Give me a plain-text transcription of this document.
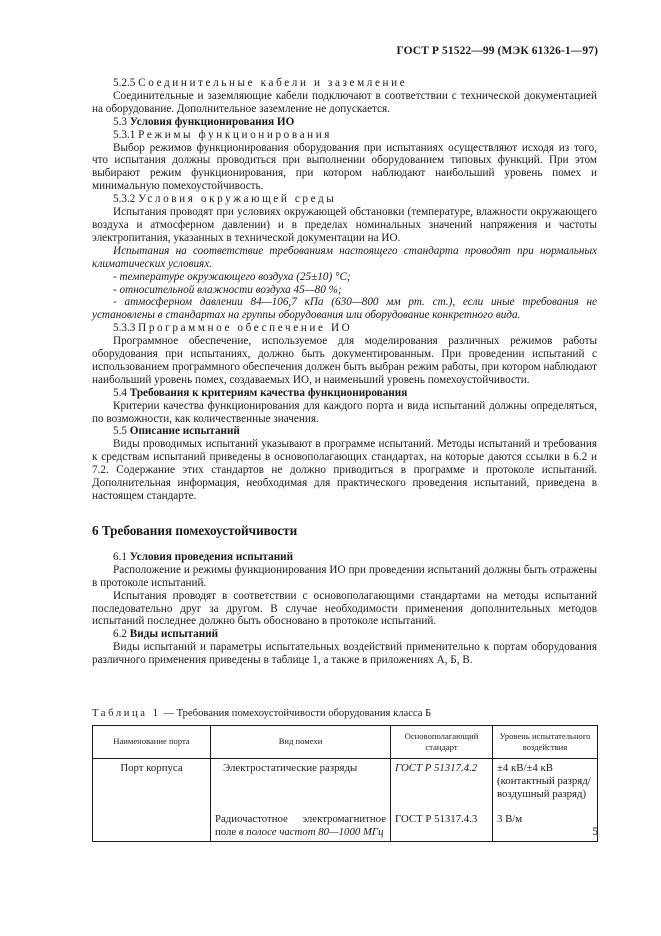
ГОСТ Р 51522—99 (МЭК 61326-1—97)

5.2.5 Соединительные кабели и заземление

Соединительные и заземляющие кабели подключают в соответствии с технической документацией на оборудование. Дополнительное заземление не допускается.

5.3 Условия функционирования ИО

5.3.1 Режимы функционирования

Выбор режимов функционирования оборудования при испытаниях осуществляют исходя из того, что испытания должны проводиться при выполнении оборудованием типовых функций. При этом выбирают режим функционирования, при котором наблюдают наибольший уровень помех и минимальную помехоустойчивость.

5.3.2 Условия окружающей среды

Испытания проводят при условиях окружающей обстановки (температуре, влажности окружающего воздуха и атмосферном давлении) и в пределах номинальных значений напряжения и частоты электропитания, указанных в технической документации на ИО.

Испытания на соответствие требованиям настоящего стандарта проводят при нормальных климатических условиях.

- температуре окружающего воздуха (25±10) °С;

- относительной влажности воздуха 45—80 %;

- атмосферном давлении 84—106,7 кПа (630—800 мм рт. ст.), если иные требования не установлены в стандартах на группы оборудования или оборудование конкретного вида.

5.3.3 Программное обеспечение ИО

Программное обеспечение, используемое для моделирования различных режимов работы оборудования при испытаниях, должно быть документированным. При проведении испытаний с использованием программного обеспечения должен быть выбран режим работы, при котором наблюдают наибольший уровень помех, создаваемых ИО, и наименьший уровень помехоустойчивости.

5.4 Требования к критериям качества функционирования

Критерии качества функционирования для каждого порта и вида испытаний должны определяться, по возможности, как количественные значения.

5.5 Описание испытаний

Виды проводимых испытаний указывают в программе испытаний. Методы испытаний и требования к средствам испытаний приведены в основополагающих стандартах, на которые даются ссылки в 6.2 и 7.2. Содержание этих стандартов не должно приводиться в программе и протоколе испытаний. Дополнительная информация, необходимая для практического проведения испытаний, приведена в настоящем стандарте.

6 Требования помехоустойчивости

6.1 Условия проведения испытаний

Расположение и режимы функционирования ИО при проведении испытаний должны быть отражены в протоколе испытаний.

Испытания проводят в соответствии с основополагающими стандартами на методы испытаний последовательно друг за другом. В случае необходимости применения дополнительных методов испытаний последнее должно быть обосновано в протоколе испытаний.

6.2 Виды испытаний

Виды испытаний и параметры испытательных воздействий применительно к портам оборудования различного применения приведены в таблице 1, а также в приложениях А, Б, В.

Таблица 1 — Требования помехоустойчивости оборудования класса Б
Наименование порта	Вид помехи	Основополагающий стандарт	Уровень испытательного воздействия
Порт корпуса	Электростатические разряды	ГОСТ Р 51317.4.2	±4 кВ/±4 кВ (контактный разряд/воздушный разряд)
	Радиочастотное электромагнитное поле в полосе частот 80—1000 МГц	ГОСТ Р 51317.4.3	3 В/м
5
